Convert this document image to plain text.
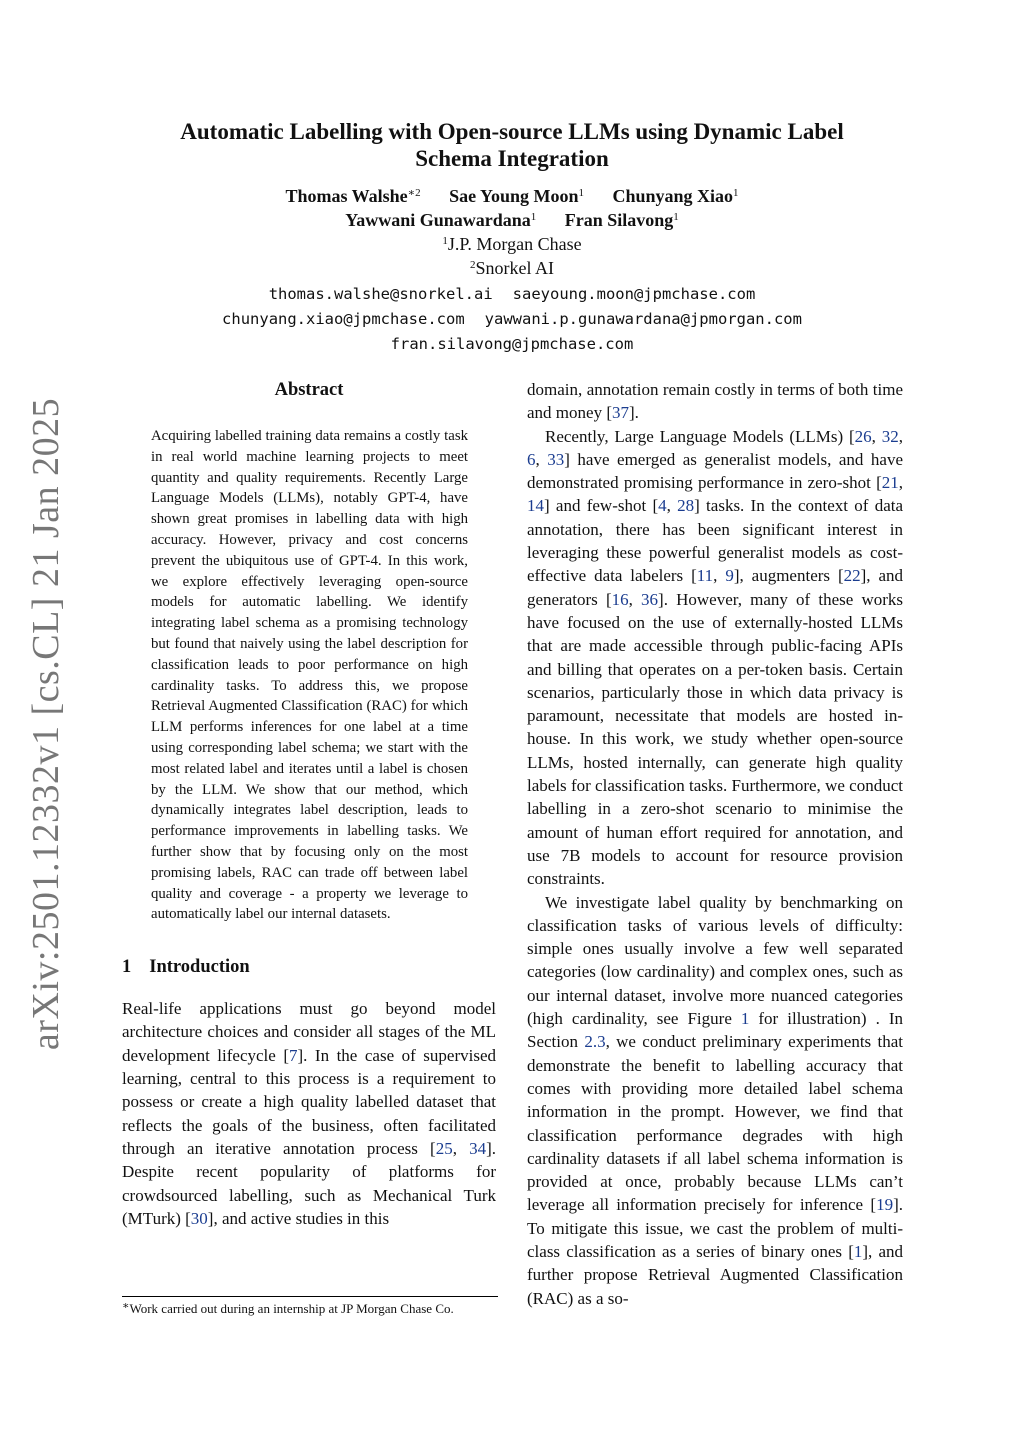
arXiv:2501.12332v1 [cs.CL] 21 Jan 2025
Automatic Labelling with Open-source LLMs using Dynamic Label Schema Integration
Thomas Walshe$^{∗2}$ Sae Young Moon$^1$ Chunyang Xiao$^1$
Yawwani Gunawardana$^1$ Fran Silavong$^1$
$^1$J.P. Morgan Chase
$^2$Snorkel AI
thomas.walshe@snorkel.ai saeyoung.moon@jpmchase.com
chunyang.xiao@jpmchase.com yawwani.p.gunawardana@jpmorgan.com
fran.silavong@jpmchase.com
Abstract

Acquiring labelled training data remains a costly task in real world machine learning projects to meet quantity and quality requirements. Recently Large Language Models (LLMs), notably GPT-4, have shown great promises in labelling data with high accuracy. However, privacy and cost concerns prevent the ubiquitous use of GPT-4. In this work, we explore effectively leveraging open-source models for automatic labelling. We identify integrating label schema as a promising technology but found that naively using the label description for classification leads to poor performance on high cardinality tasks. To address this, we propose Retrieval Augmented Classification (RAC) for which LLM performs inferences for one label at a time using corresponding label schema; we start with the most related label and iterates until a label is chosen by the LLM. We show that our method, which dynamically integrates label description, leads to performance improvements in labelling tasks. We further show that by focusing only on the most promising labels, RAC can trade off between label quality and coverage - a property we leverage to automatically label our internal datasets.

1 Introduction

Real-life applications must go beyond model architecture choices and consider all stages of the ML development lifecycle [7]. In the case of supervised learning, central to this process is a requirement to possess or create a high quality labelled dataset that reflects the goals of the business, often facilitated through an iterative annotation process [25, 34]. Despite recent popularity of platforms for crowdsourced labelling, such as Mechanical Turk (MTurk) [30], and active studies in this

∗Work carried out during an internship at JP Morgan Chase Co.

domain, annotation remain costly in terms of both time and money [37].

Recently, Large Language Models (LLMs) [26, 32, 6, 33] have emerged as generalist models, and have demonstrated promising performance in zero-shot [21, 14] and few-shot [4, 28] tasks. In the context of data annotation, there has been significant interest in leveraging these powerful generalist models as cost-effective data labelers [11, 9], augmenters [22], and generators [16, 36]. However, many of these works have focused on the use of externally-hosted LLMs that are made accessible through public-facing APIs and billing that operates on a per-token basis. Certain scenarios, particularly those in which data privacy is paramount, necessitate that models are hosted in-house. In this work, we study whether open-source LLMs, hosted internally, can generate high quality labels for classification tasks. Furthermore, we conduct labelling in a zero-shot scenario to minimise the amount of human effort required for annotation, and use 7B models to account for resource provision constraints.

We investigate label quality by benchmarking on classification tasks of various levels of difficulty: simple ones usually involve a few well separated categories (low cardinality) and complex ones, such as our internal dataset, involve more nuanced categories (high cardinality, see Figure 1 for illustration) . In Section 2.3, we conduct preliminary experiments that demonstrate the benefit to labelling accuracy that comes with providing more detailed label schema information in the prompt. However, we find that classification performance degrades with high cardinality datasets if all label schema information is provided at once, probably because LLMs can’t leverage all information precisely for inference [19]. To mitigate this issue, we cast the problem of multi-class classification as a series of binary ones [1], and further propose Retrieval Augmented Classification (RAC) as a so-
